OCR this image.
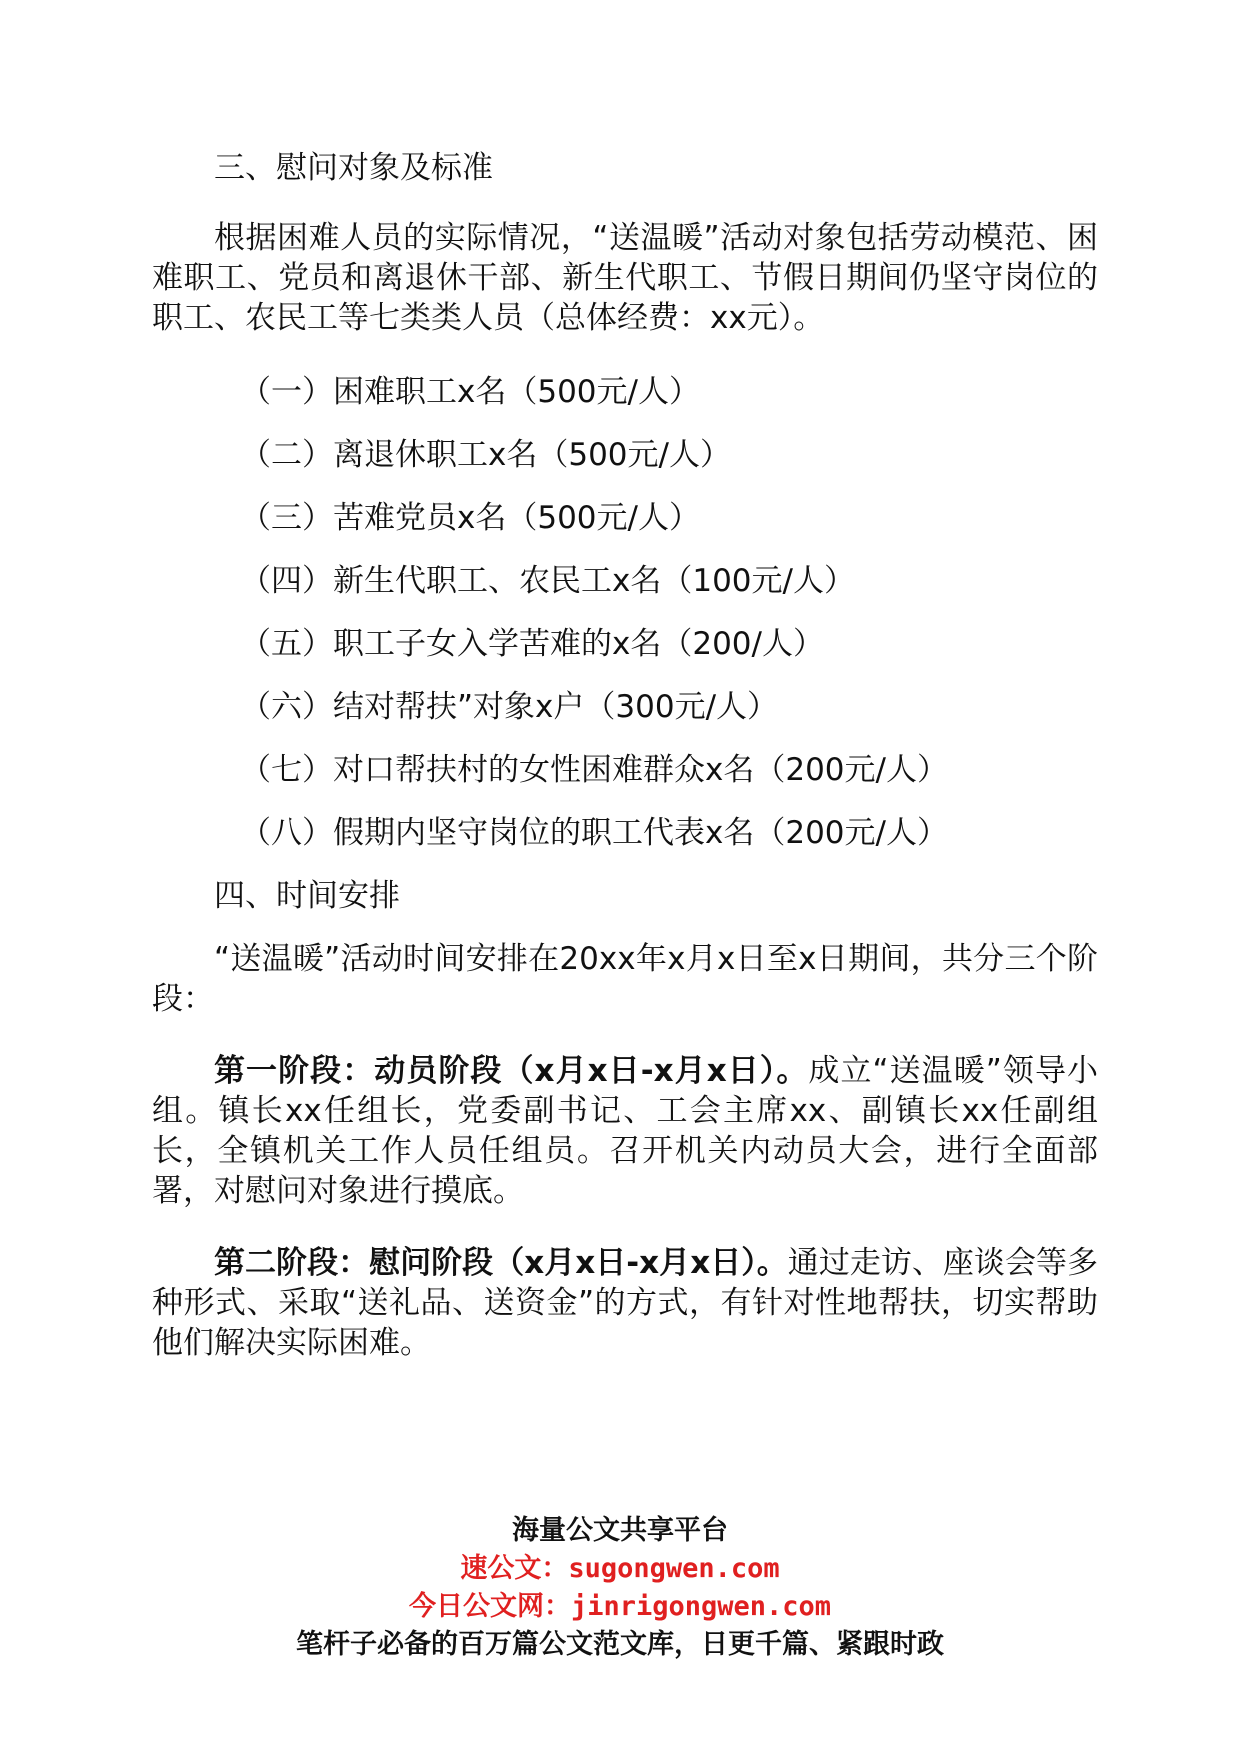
三、慰问对象及标准

根据困难人员的实际情况，“送温暖”活动对象包括劳动模范、困难职工、党员和离退休干部、新生代职工、节假日期间仍坚守岗位的职工、农民工等七类类人员（总体经费：xx元）。

（一）困难职工x名（500元/人）

（二）离退休职工x名（500元/人）

（三）苦难党员x名（500元/人）

（四）新生代职工、农民工x名（100元/人）

（五）职工子女入学苦难的x名（200/人）

（六）结对帮扶”对象x户（300元/人）

（七）对口帮扶村的女性困难群众x名（200元/人）

（八）假期内坚守岗位的职工代表x名（200元/人）

四、时间安排

“送温暖”活动时间安排在20xx年x月x日至x日期间，共分三个阶段：

第一阶段：动员阶段（x月x日-x月x日）。成立“送温暖”领导小组。镇长xx任组长，党委副书记、工会主席xx、副镇长xx任副组长，全镇机关工作人员任组员。召开机关内动员大会，进行全面部署，对慰问对象进行摸底。

第二阶段：慰问阶段（x月x日-x月x日）。通过走访、座谈会等多种形式、采取“送礼品、送资金”的方式，有针对性地帮扶，切实帮助他们解决实际困难。

海量公文共享平台
速公文：sugongwen.com
今日公文网：jinrigongwen.com
笔杆子必备的百万篇公文范文库，日更千篇、紧跟时政
